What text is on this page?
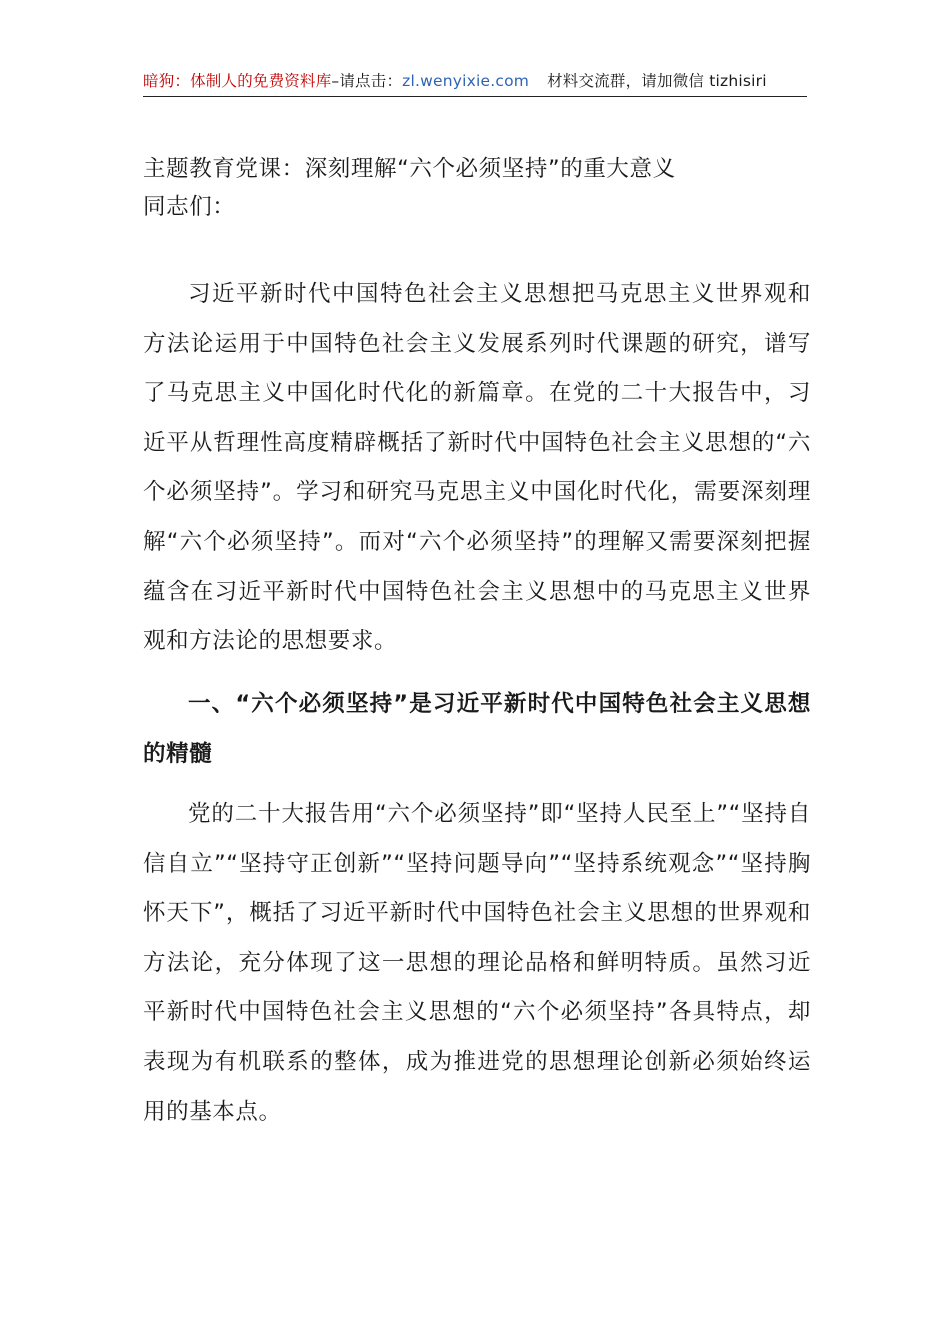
暗狗：体制人的免费资料库–请点击：zl.wenyixie.com 材料交流群，请加微信 tizhisiri
主题教育党课：深刻理解“六个必须坚持”的重大意义
同志们：
习近平新时代中国特色社会主义思想把马克思主义世界观和方法论运用于中国特色社会主义发展系列时代课题的研究，谱写了马克思主义中国化时代化的新篇章。在党的二十大报告中，习近平从哲理性高度精辟概括了新时代中国特色社会主义思想的“六个必须坚持”。学习和研究马克思主义中国化时代化，需要深刻理解“六个必须坚持”。而对“六个必须坚持”的理解又需要深刻把握蕴含在习近平新时代中国特色社会主义思想中的马克思主义世界观和方法论的思想要求。
一、“六个必须坚持”是习近平新时代中国特色社会主义思想的精髓
党的二十大报告用“六个必须坚持”即“坚持人民至上”“坚持自信自立”“坚持守正创新”“坚持问题导向”“坚持系统观念”“坚持胸怀天下”，概括了习近平新时代中国特色社会主义思想的世界观和方法论，充分体现了这一思想的理论品格和鲜明特质。虽然习近平新时代中国特色社会主义思想的“六个必须坚持”各具特点，却表现为有机联系的整体，成为推进党的思想理论创新必须始终运用的基本点。
